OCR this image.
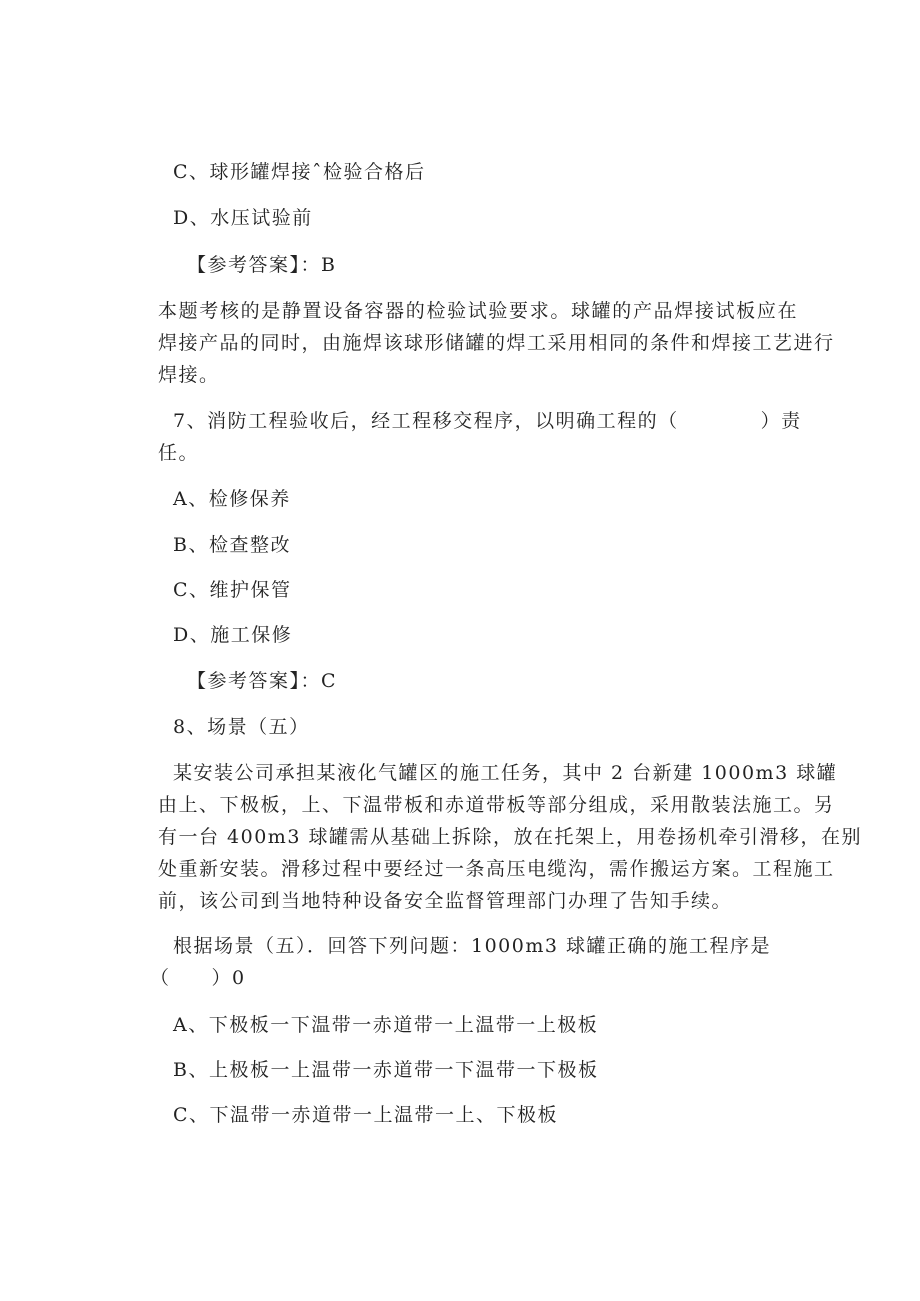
C、球形罐焊接ˆ检验合格后
D、水压试验前
【参考答案】：B
本题考核的是静置设备容器的检验试验要求。球罐的产品焊接试板应在
焊接产品的同时，由施焊该球形储罐的焊工采用相同的条件和焊接工艺进行
焊接。
7、消防工程验收后，经工程移交程序，以明确工程的（　　　　）责
任。
A、检修保养
B、检查整改
C、维护保管
D、施工保修
【参考答案】：C
8、场景（五）
某安装公司承担某液化气罐区的施工任务，其中 2 台新建 1000m3 球罐
由上、下极板，上、下温带板和赤道带板等部分组成，采用散装法施工。另
有一台 400m3 球罐需从基础上拆除，放在托架上，用卷扬机牵引滑移，在别
处重新安装。滑移过程中要经过一条高压电缆沟，需作搬运方案。工程施工
前，该公司到当地特种设备安全监督管理部门办理了告知手续。
根据场景（五）．回答下列问题：1000m3 球罐正确的施工程序是
（　　）0
A、下极板一下温带一赤道带一上温带一上极板
B、上极板一上温带一赤道带一下温带一下极板
C、下温带一赤道带一上温带一上、下极板
